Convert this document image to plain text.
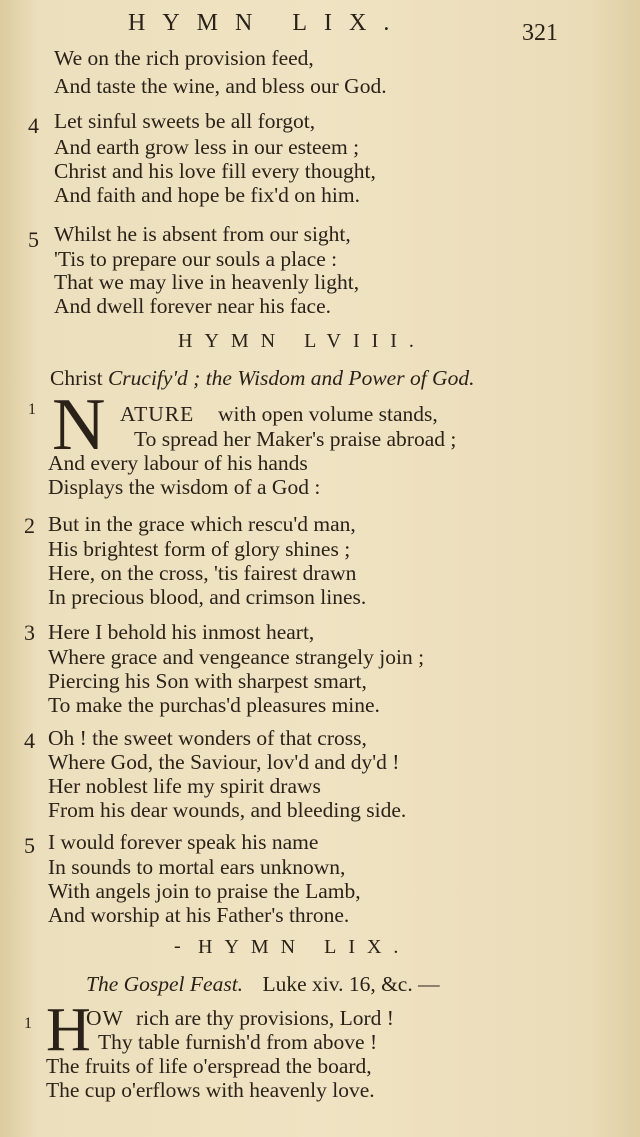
HYMN LIX.	321
We on the rich provision feed,
And taste the wine, and bless our God.
4 Let sinful sweets be all forgot,
And earth grow less in our esteem ;
Christ and his love fill every thought,
And faith and hope be fix'd on him.
5 Whilst he is absent from our sight,
'Tis to prepare our souls a place :
That we may live in heavenly light,
And dwell forever near his face.
HYMN LVIII.
Christ Crucify'd ; the Wisdom and Power of God.
1 N ATURE with open volume stands,
To spread her Maker's praise abroad ;
And every labour of his hands
Displays the wisdom of a God :
2 But in the grace which rescu'd man,
His brightest form of glory shines ;
Here, on the cross, 'tis fairest drawn
In precious blood, and crimson lines.
3 Here I behold his inmost heart,
Where grace and vengeance strangely join ;
Piercing his Son with sharpest smart,
To make the purchas'd pleasures mine.
4 Oh ! the sweet wonders of that cross,
Where God, the Saviour, lov'd and dy'd !
Her noblest life my spirit draws
From his dear wounds, and bleeding side.
5 I would forever speak his name
In sounds to mortal ears unknown,
With angels join to praise the Lamb,
And worship at his Father's throne.
- HYMN LIX.
The Gospel Feast. Luke xiv. 16, &c. —
1 H
OW rich are thy provisions, Lord !
Thy table furnish'd from above !
The fruits of life o'erspread the board,
The cup o'erflows with heavenly love.
